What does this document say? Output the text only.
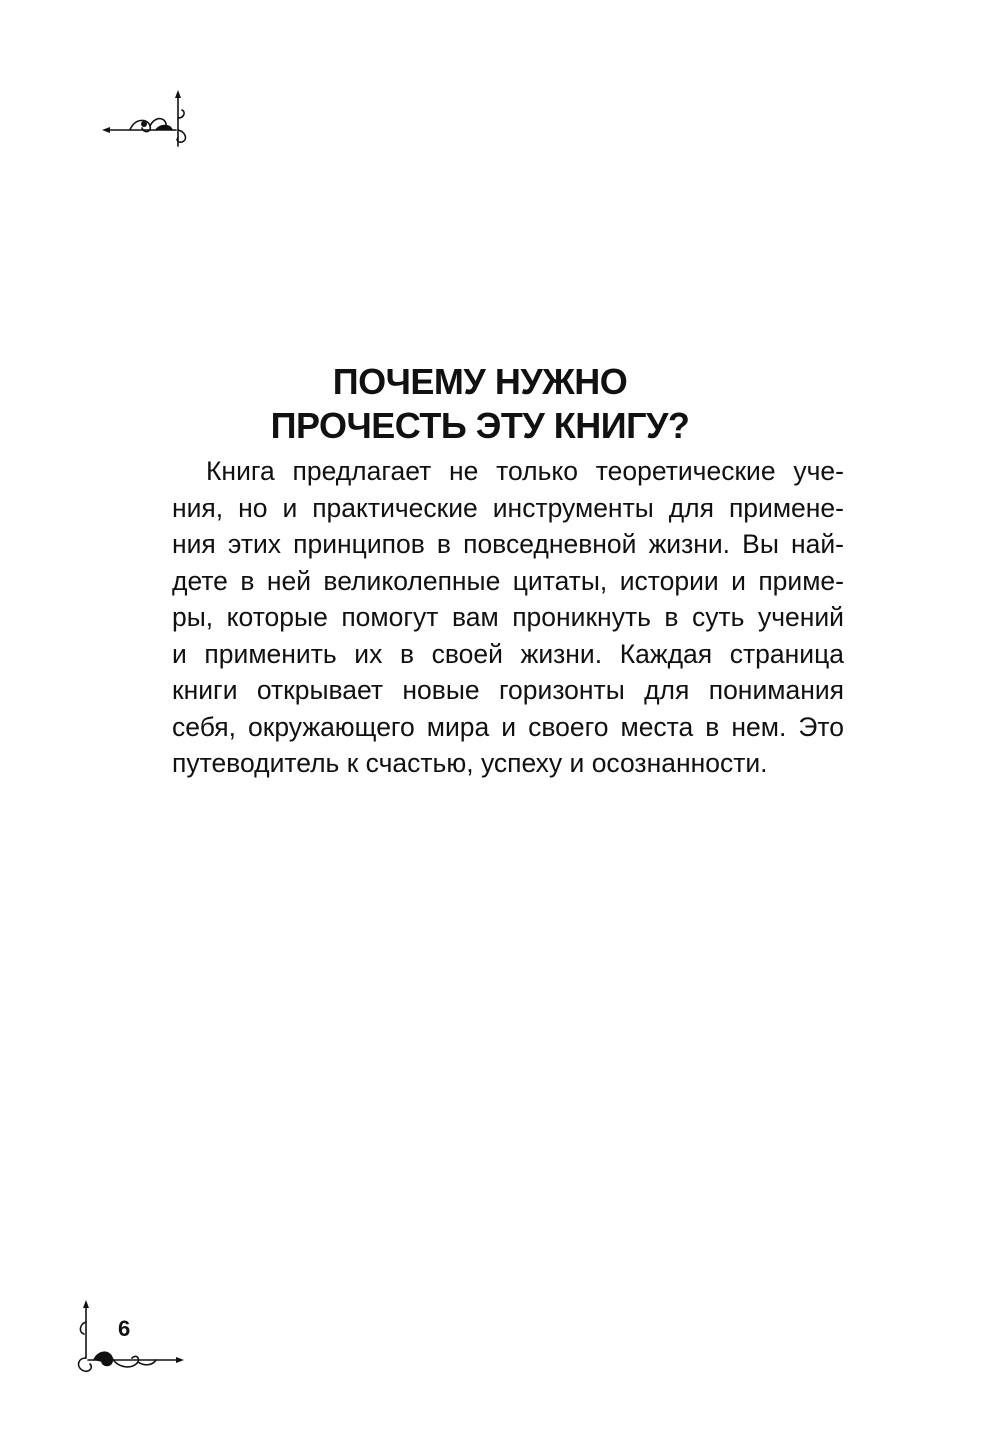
ПОЧЕМУ НУЖНО
ПРОЧЕСТЬ ЭТУ КНИГУ?

Книга предлагает не только теоретические уче-
ния, но и практические инструменты для примене-
ния этих принципов в повседневной жизни. Вы най-
дете в ней великолепные цитаты, истории и приме-
ры, которые помогут вам проникнуть в суть учений
и применить их в своей жизни. Каждая страница
книги открывает новые горизонты для понимания
себя, окружающего мира и своего места в нем. Это
путеводитель к счастью, успеху и осознанности.

6
